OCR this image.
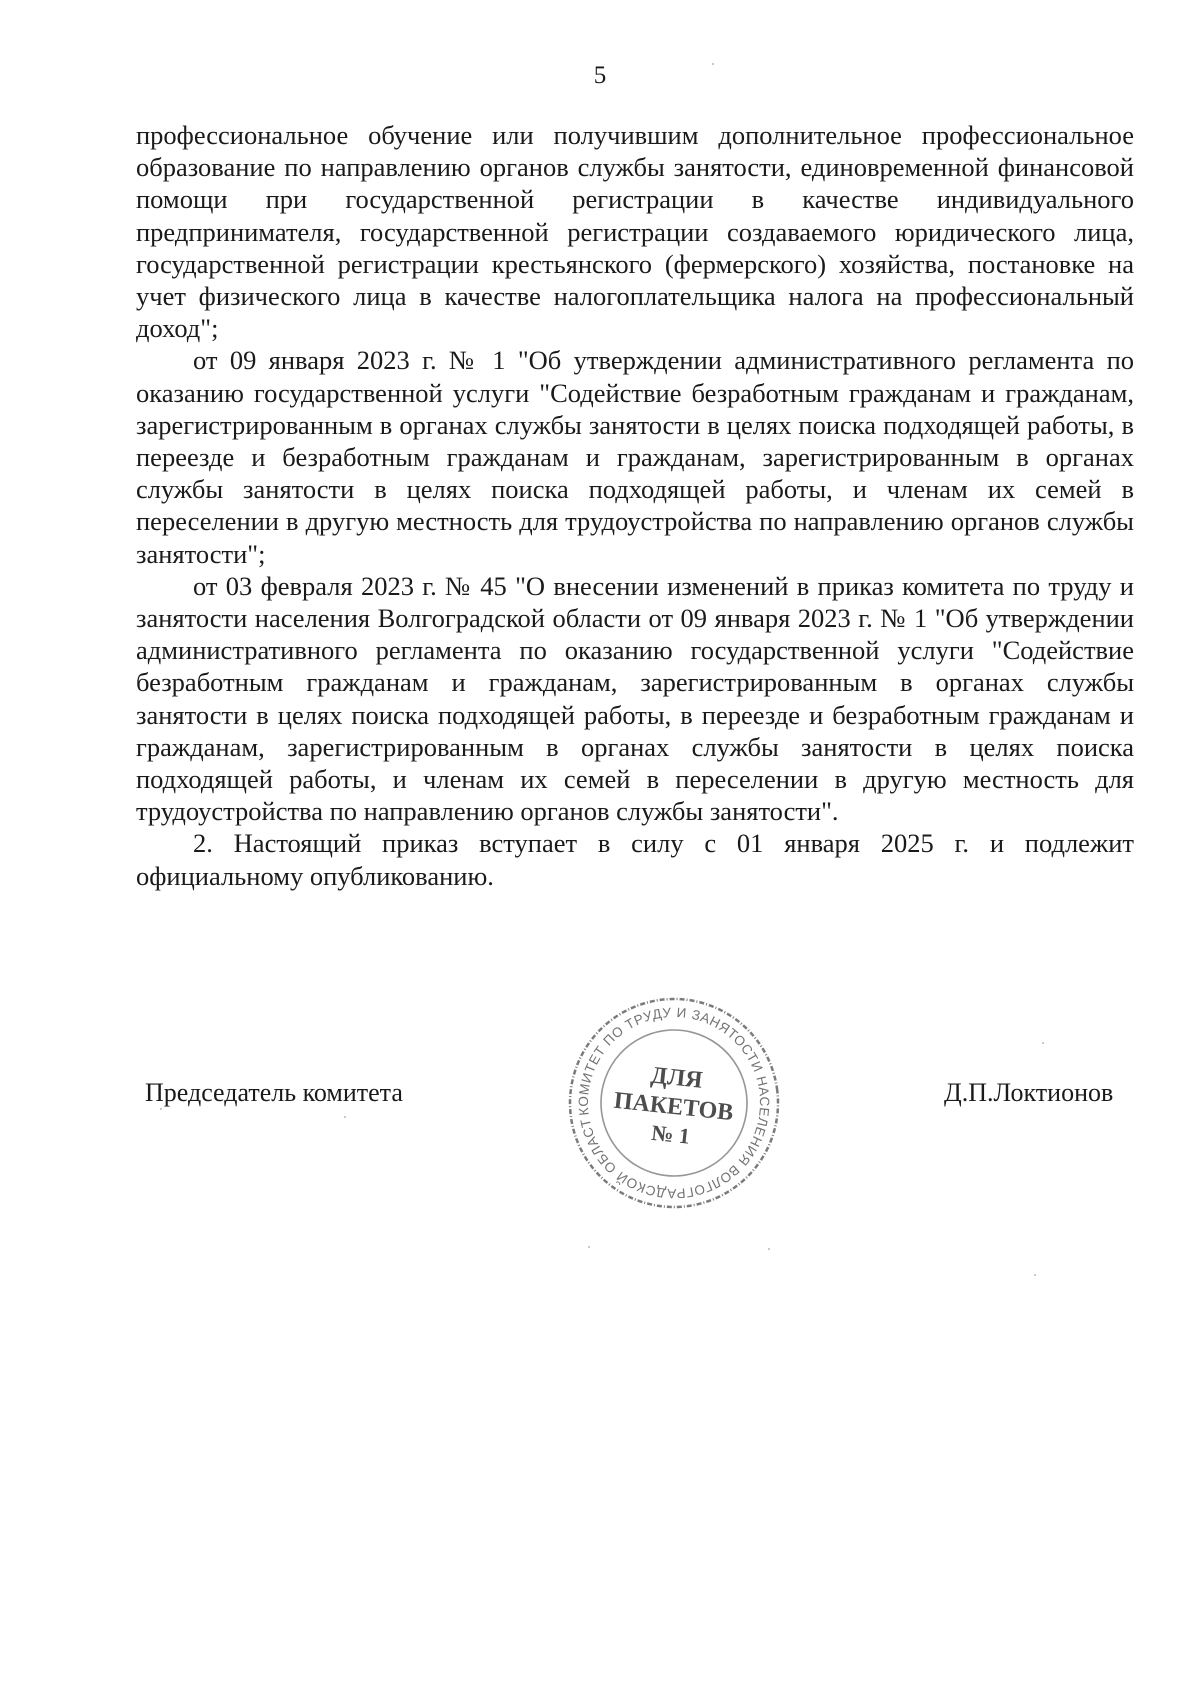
5

профессиональное обучение или получившим дополнительное профессиональное образование по направлению органов службы занятости, единовременной финансовой помощи при государственной регистрации в качестве индивидуального предпринимателя, государственной регистрации создаваемого юридического лица, государственной регистрации крестьянского (фермерского) хозяйства, постановке на учет физического лица в качестве налогоплательщика налога на профессиональный доход";

от 09 января 2023 г. № 1 "Об утверждении административного регламента по оказанию государственной услуги "Содействие безработным гражданам и гражданам, зарегистрированным в органах службы занятости в целях поиска подходящей работы, в переезде и безработным гражданам и гражданам, зарегистрированным в органах службы занятости в целях поиска подходящей работы, и членам их семей в переселении в другую местность для трудоустройства по направлению органов службы занятости";

от 03 февраля 2023 г. № 45 "О внесении изменений в приказ комитета по труду и занятости населения Волгоградской области от 09 января 2023 г. № 1 "Об утверждении административного регламента по оказанию государственной услуги "Содействие безработным гражданам и гражданам, зарегистрированным в органах службы занятости в целях поиска подходящей работы, в переезде и безработным гражданам и гражданам, зарегистрированным в органах службы занятости в целях поиска подходящей работы, и членам их семей в переселении в другую местность для трудоустройства по направлению органов службы занятости".

2. Настоящий приказ вступает в силу с 01 января 2025 г. и подлежит официальному опубликованию.

Председатель комитета
КОМИТЕТ ПО ТРУДУ И ЗАНЯТОСТИ НАСЕЛЕНИЯ ВОЛГОГРАДСКОЙ ОБЛАСТИ
ДЛЯ
ПАКЕТОВ
№ 1
Д.П.Локтионов
